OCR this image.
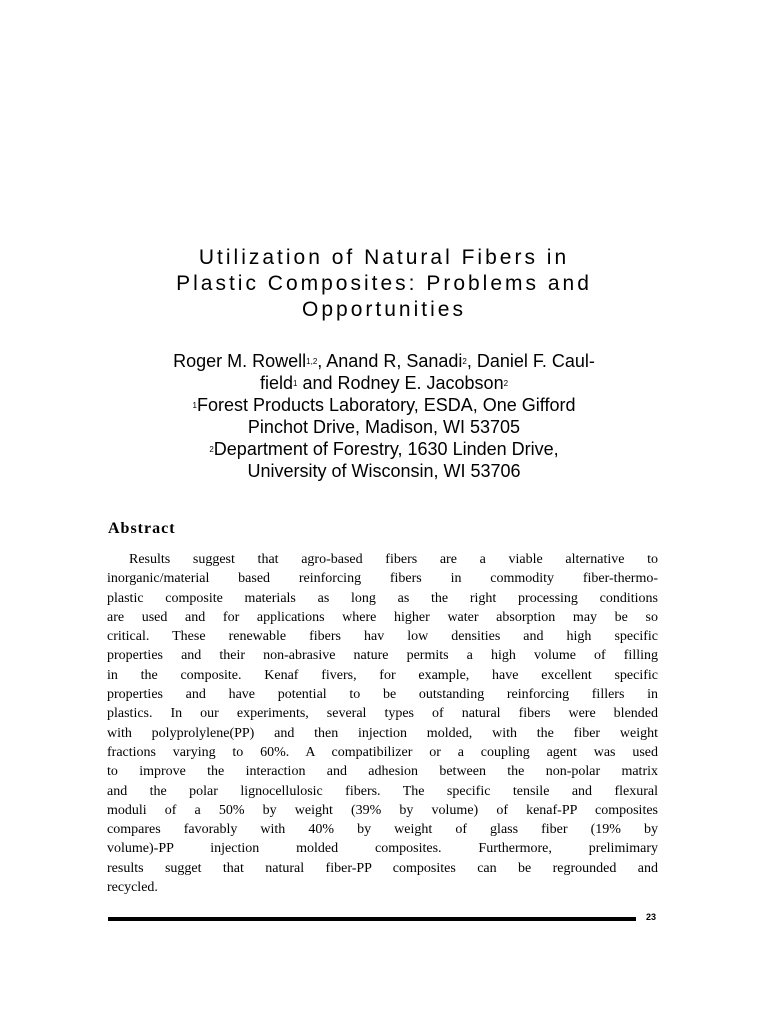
Utilization of Natural Fibers in
Plastic Composites: Problems and
Opportunities
Roger M. Rowell$^{1,2}$, Anand R, Sanadi$^2$, Daniel F. Caul-
field$^1$ and Rodney E. Jacobson$^2$
$^1$Forest Products Laboratory, ESDA, One Gifford
Pinchot Drive, Madison, WI 53705
$^2$Department of Forestry, 1630 Linden Drive,
University of Wisconsin, WI 53706
Abstract
Results suggest that agro-based fibers are a viable alternative to
inorganic/material based reinforcing fibers in commodity fiber-thermo-
plastic composite materials as long as the right processing conditions
are used and for applications where higher water absorption may be so
critical. These renewable fibers hav low densities and high specific
properties and their non-abrasive nature permits a high volume of filling
in the composite. Kenaf fivers, for example, have excellent specific
properties and have potential to be outstanding reinforcing fillers in
plastics. In our experiments, several types of natural fibers were blended
with polyprolylene(PP) and then injection molded, with the fiber weight
fractions varying to 60%. A compatibilizer or a coupling agent was used
to improve the interaction and adhesion between the non-polar matrix
and the polar lignocellulosic fibers. The specific tensile and flexural
moduli of a 50% by weight (39% by volume) of kenaf-PP composites
compares favorably with 40% by weight of glass fiber (19% by
volume)-PP injection molded composites. Furthermore, prelimimary
results sugget that natural fiber-PP composites can be regrounded and
recycled.
23
